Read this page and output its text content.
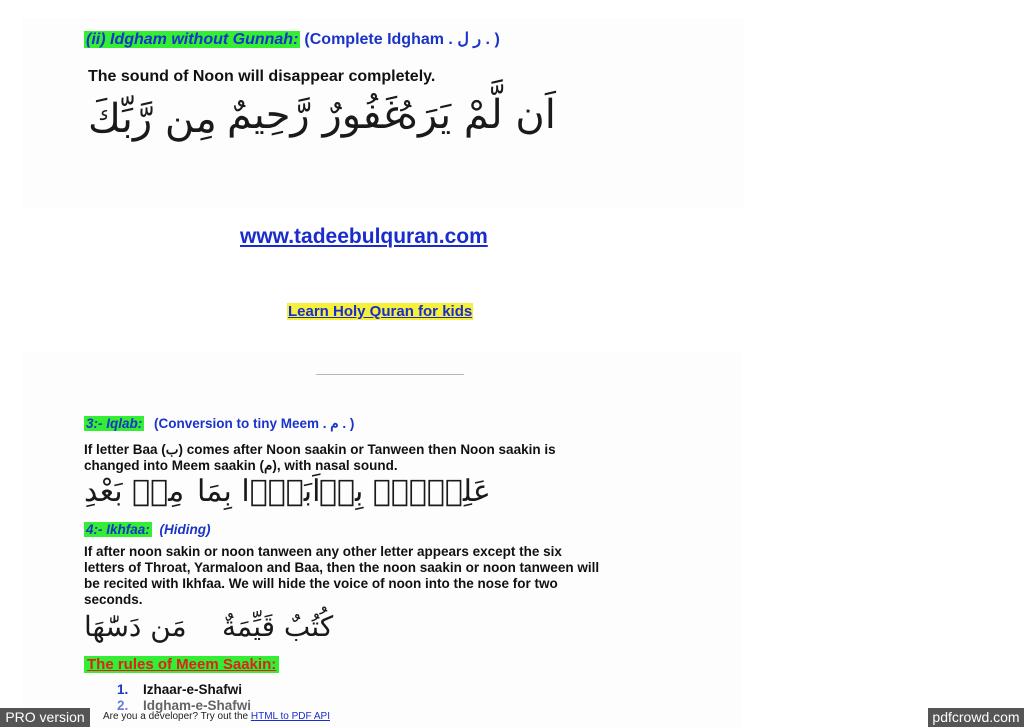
(ii) Idgham without Gunnah: (Complete Idgham . ر ل . )
The sound of Noon will disappear completely.
مِن رَّبِّكَ غَفُورٌ رَّحِيمٌ
اَن لَّمْ يَرَهُ
www.tadeebulquran.com
Learn Holy Quran for kids
3:- Iqlab: (Conversion to tiny Meem . م . )
If letter Baa (ب) comes after Noon saakin or Tanween then Noon saakin is
changed into Meem saakin (م), with nasal sound.
مِنۢ بَعْدِ اَبَدًۢا بِمَا
عَلِيۡمٌۢ بِهٖ
4:- Ikhfaa: (Hiding)
If after noon sakin or noon tanween any other letter appears except the six
letters of Throat, Yarmaloon and Baa, then the noon saakin or noon tanween will
be recited with Ikhfaa. We will hide the voice of noon into the nose for two
seconds.
مَن دَسّٰهَا كُتُبٌ قَيِّمَةٌ
The rules of Meem Saakin:
1. Izhaar-e-Shafwi
2. Idgham-e-Shafwi
PRO version	Are you a developer? Try out the HTML to PDF API	pdfcrowd.com
